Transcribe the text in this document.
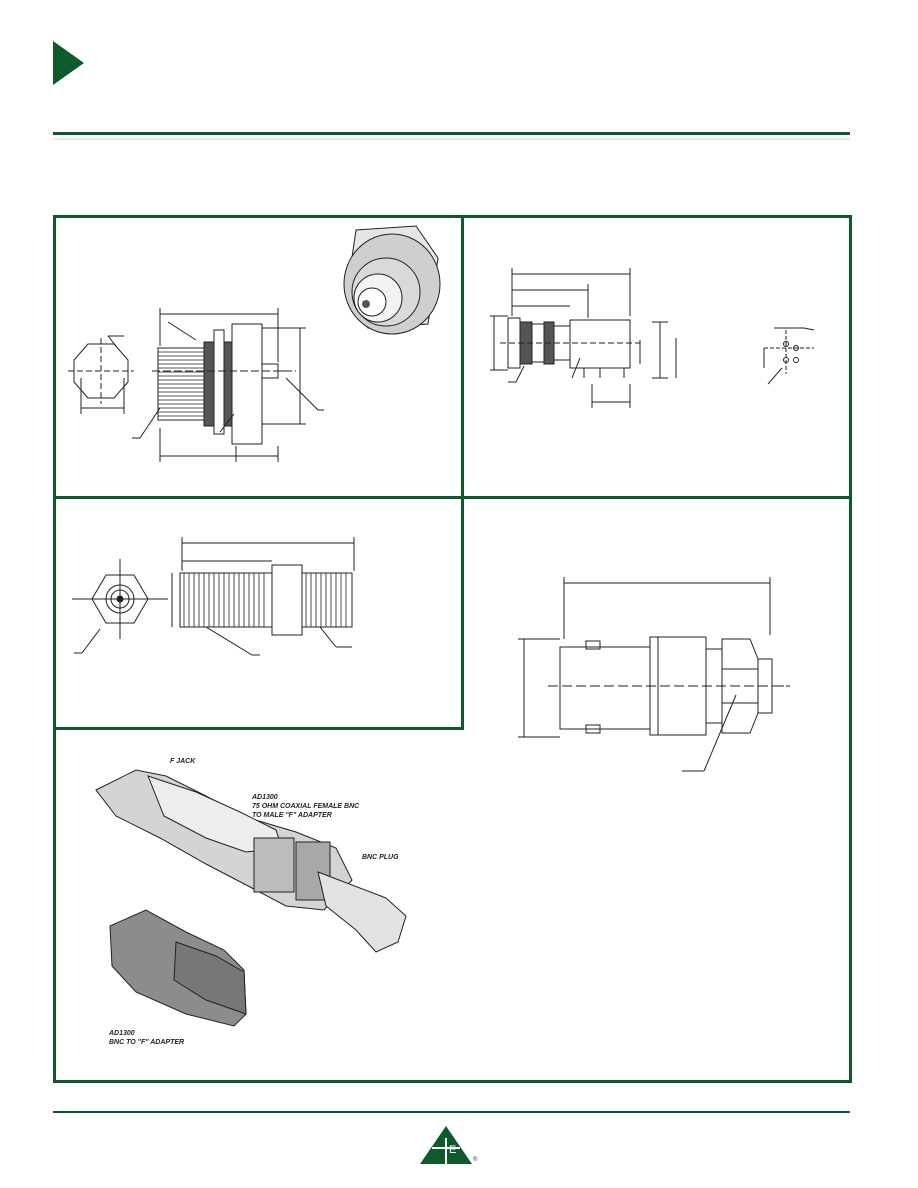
F JACK
AD1300
75 OHM COAXIAL FEMALE BNC
TO MALE "F" ADAPTER
BNC PLUG
AD1300
BNC TO "F" ADAPTER
E
®
